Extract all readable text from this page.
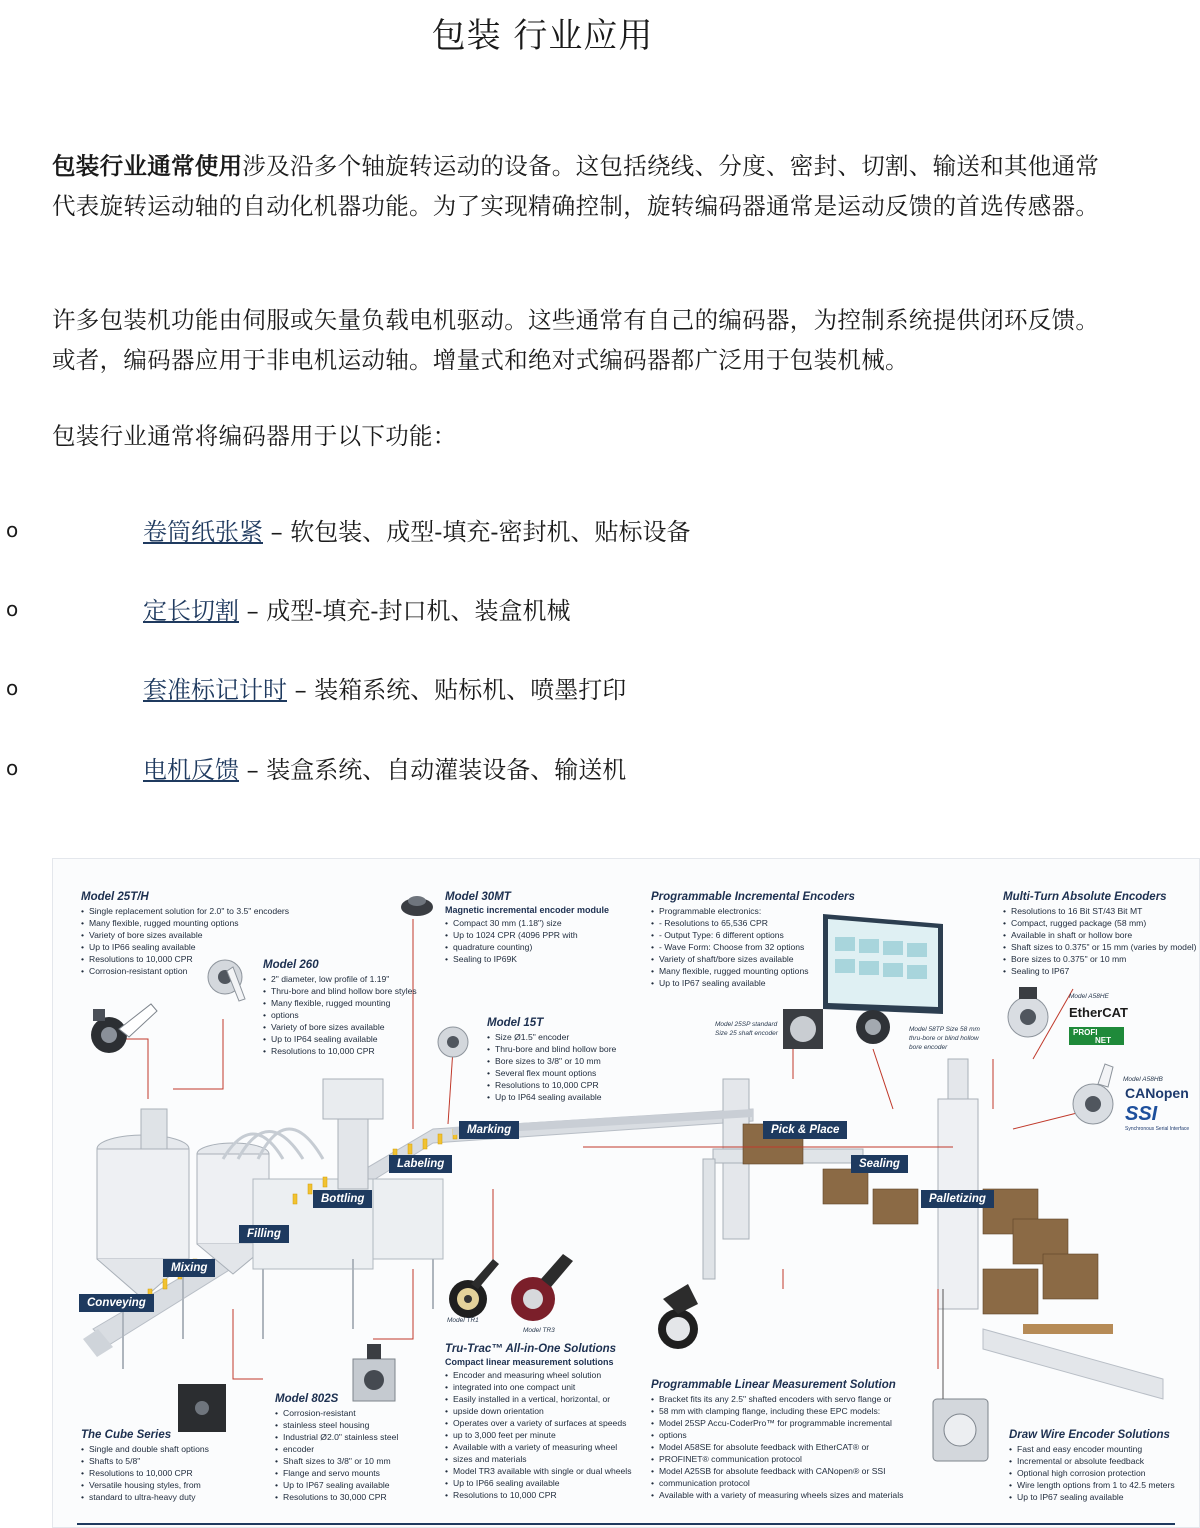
包装 行业应用
包装行业通常使用涉及沿多个轴旋转运动的设备。这包括绕线、分度、密封、切割、输送和其他通常代表旋转运动轴的自动化机器功能。为了实现精确控制，旋转编码器通常是运动反馈的首选传感器。
许多包装机功能由伺服或矢量负载电机驱动。这些通常有自己的编码器，为控制系统提供闭环反馈。或者，编码器应用于非电机运动轴。增量式和绝对式编码器都广泛用于包装机械。
包装行业通常将编码器用于以下功能：
o	卷筒纸张紧 – 软包装、成型-填充-密封机、贴标设备
o	定长切割 – 成型-填充-封口机、装盒机械
o	套准标记计时 – 装箱系统、贴标机、喷墨打印
o	电机反馈 – 装盒系统、自动灌装设备、输送机
Marking
Labeling
Bottling
Filling
Mixing
Conveying
Pick & Place
Sealing
Palletizing
Model 25T/H
• Single replacement solution for 2.0" to 3.5" encoders
• Many flexible, rugged mounting options
• Variety of bore sizes available
• Up to IP66 sealing available
• Resolutions to 10,000 CPR
• Corrosion-resistant option	Model 260
• 2" diameter, low profile of 1.19"
• Thru-bore and blind hollow bore styles
• Many flexible, rugged mounting
• options
• Variety of bore sizes available
• Up to IP64 sealing available
• Resolutions to 10,000 CPR
Model 30MT
Magnetic incremental encoder module
• Compact 30 mm (1.18") size
• Up to 1024 CPR (4096 PPR with
• quadrature counting)
• Sealing to IP69K
Model 15T
• Size Ø1.5" encoder
• Thru-bore and blind hollow bore
• Bore sizes to 3/8" or 10 mm
• Several flex mount options
• Resolutions to 10,000 CPR
• Up to IP64 sealing available
Programmable Incremental Encoders
• Programmable electronics:
• - Resolutions to 65,536 CPR
• - Output Type: 6 different options
• - Wave Form: Choose from 32 options
• Variety of shaft/bore sizes available
• Many flexible, rugged mounting options
• Up to IP67 sealing available
Multi-Turn Absolute Encoders
• Resolutions to 16 Bit ST/43 Bit MT
• Compact, rugged package (58 mm)
• Available in shaft or hollow bore
• Shaft sizes to 0.375" or 15 mm (varies by model)
• Bore sizes to 0.375" or 10 mm
• Sealing to IP67
Model 802S
• Corrosion-resistant
• stainless steel housing
• Industrial Ø2.0" stainless steel
• encoder
• Shaft sizes to 3/8" or 10 mm
• Flange and servo mounts
• Up to IP67 sealing available
• Resolutions to 30,000 CPR
The Cube Series
• Single and double shaft options
• Shafts to 5/8"
• Resolutions to 10,000 CPR
• Versatile housing styles, from
• standard to ultra-heavy duty
Tru-Trac™ All-in-One Solutions
Compact linear measurement solutions
• Encoder and measuring wheel solution
• integrated into one compact unit
• Easily installed in a vertical, horizontal, or
• upside down orientation
• Operates over a variety of surfaces at speeds
• up to 3,000 feet per minute
• Available with a variety of measuring wheel
• sizes and materials
• Model TR3 available with single or dual wheels
• Up to IP66 sealing available
• Resolutions to 10,000 CPR
Programmable Linear Measurement Solution
• Bracket fits its any 2.5" shafted encoders with servo flange or
• 58 mm with clamping flange, including these EPC models:
• Model 25SP Accu-CoderPro™ for programmable incremental
• options
• Model A58SE for absolute feedback with EtherCAT® or
• PROFINET® communication protocol
• Model A25SB for absolute feedback with CANopen® or SSI
• communication protocol
• Available with a variety of measuring wheels sizes and materials
Draw Wire Encoder Solutions
• Fast and easy encoder mounting
• Incremental or absolute feedback
• Optional high corrosion protection
• Wire length options from 1 to 42.5 meters
• Up to IP67 sealing available
Model TR1
Model TR3
Model 25SP standard
Size 25 shaft encoder
Model 58TP Size 58 mm
thru-bore or blind hollow
bore encoder
Model A58HE
Model A58HB
EtherCAT
PROFI
NET
CANopen
SSI
Synchronous Serial Interface
